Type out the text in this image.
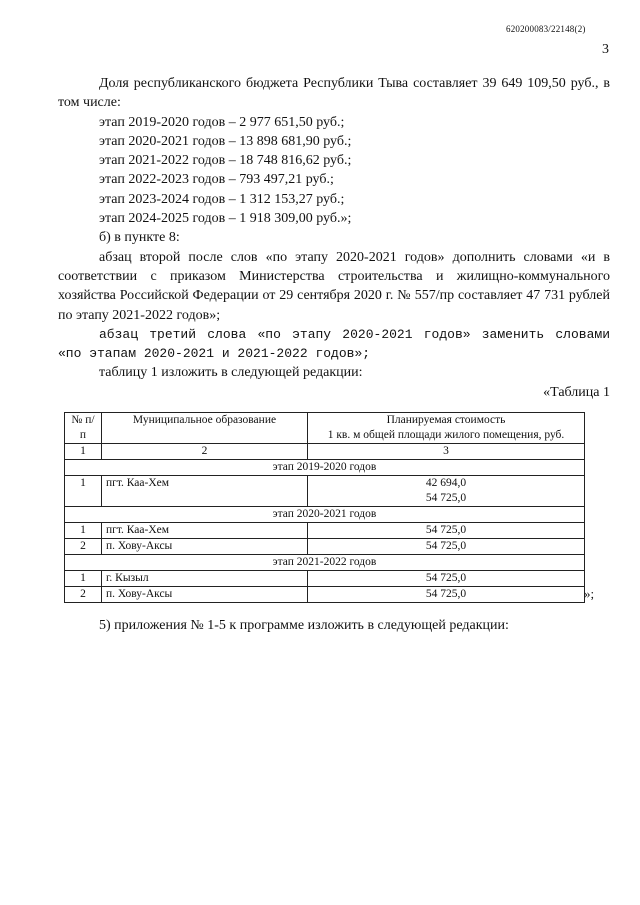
620200083/22148(2)
3

Доля республиканского бюджета Республики Тыва составляет 39 649 109,50 руб., в том числе:

этап 2019-2020 годов – 2 977 651,50 руб.;

этап 2020-2021 годов – 13 898 681,90 руб.;

этап 2021-2022 годов – 18 748 816,62 руб.;

этап 2022-2023 годов – 793 497,21 руб.;

этап 2023-2024 годов – 1 312 153,27 руб.;

этап 2024-2025 годов – 1 918 309,00 руб.»;

б) в пункте 8:

абзац второй после слов «по этапу 2020-2021 годов» дополнить словами «и в соответствии с приказом Министерства строительства и жилищно-коммунального хозяйства Российской Федерации от 29 сентября 2020 г. № 557/пр составляет 47 731 рублей по этапу 2021-2022 годов»;

абзац третий слова «по этапу 2020-2021 годов» заменить словами «по этапам 2020-2021 и 2021-2022 годов»;

таблицу 1 изложить в следующей редакции:

«Таблица 1

№ п/п	Муниципальное образование	Планируемая стоимость
1 кв. м общей площади жилого помещения, руб.

1	2	3
этап 2019-2020 годов		
1	пгт. Каа-Хем	42 694,0
54 725,0

этап 2020-2021 годов		
1	пгт. Каа-Хем	54 725,0
2	п. Хову-Аксы	54 725,0
этап 2021-2022 годов		
1	г. Кызыл	54 725,0
2	п. Хову-Аксы	54 725,0	»;
5) приложения № 1-5 к программе изложить в следующей редакции:
